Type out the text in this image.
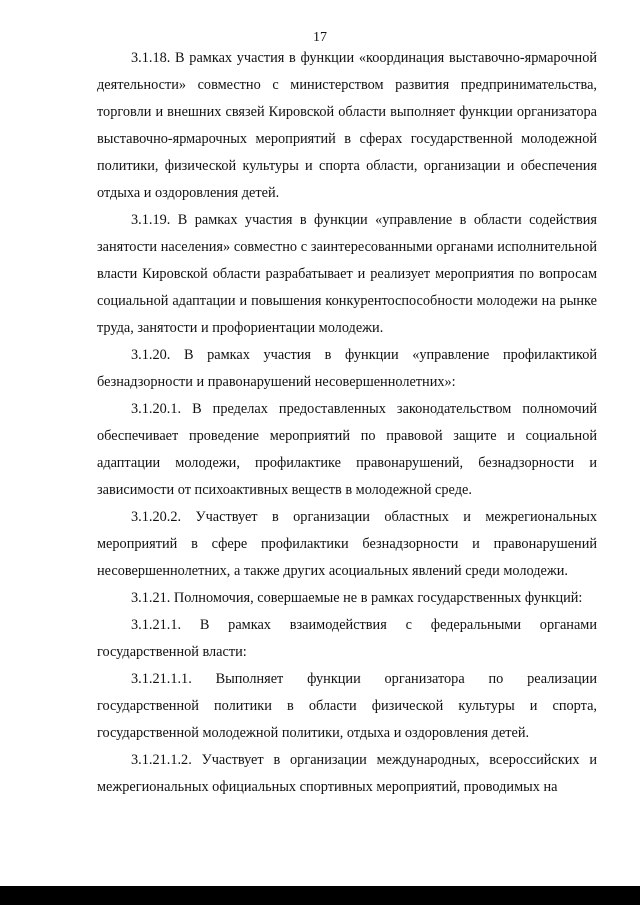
17

3.1.18. В рамках участия в функции «координация выставочно-ярмарочной деятельности» совместно с министерством развития предпринимательства, торговли и внешних связей Кировской области выполняет функции организатора выставочно-ярмарочных мероприятий в сферах государственной молодежной политики, физической культуры и спорта области, организации и обеспечения отдыха и оздоровления детей.

3.1.19. В рамках участия в функции «управление в области содействия занятости населения» совместно с заинтересованными органами исполнительной власти Кировской области разрабатывает и реализует мероприятия по вопросам социальной адаптации и повышения конкурентоспособности молодежи на рынке труда, занятости и профориентации молодежи.

3.1.20. В рамках участия в функции «управление профилактикой безнадзорности и правонарушений несовершеннолетних»:

3.1.20.1. В пределах предоставленных законодательством полномочий обеспечивает проведение мероприятий по правовой защите и социальной адаптации молодежи, профилактике правонарушений, безнадзорности и зависимости от психоактивных веществ в молодежной среде.

3.1.20.2. Участвует в организации областных и межрегиональных мероприятий в сфере профилактики безнадзорности и правонарушений несовершеннолетних, а также других асоциальных явлений среди молодежи.

3.1.21. Полномочия, совершаемые не в рамках государственных функций:

3.1.21.1. В рамках взаимодействия с федеральными органами государственной власти:

3.1.21.1.1. Выполняет функции организатора по реализации государственной политики в области физической культуры и спорта, государственной молодежной политики, отдыха и оздоровления детей.

3.1.21.1.2. Участвует в организации международных, всероссийских и межрегиональных официальных спортивных мероприятий, проводимых на
